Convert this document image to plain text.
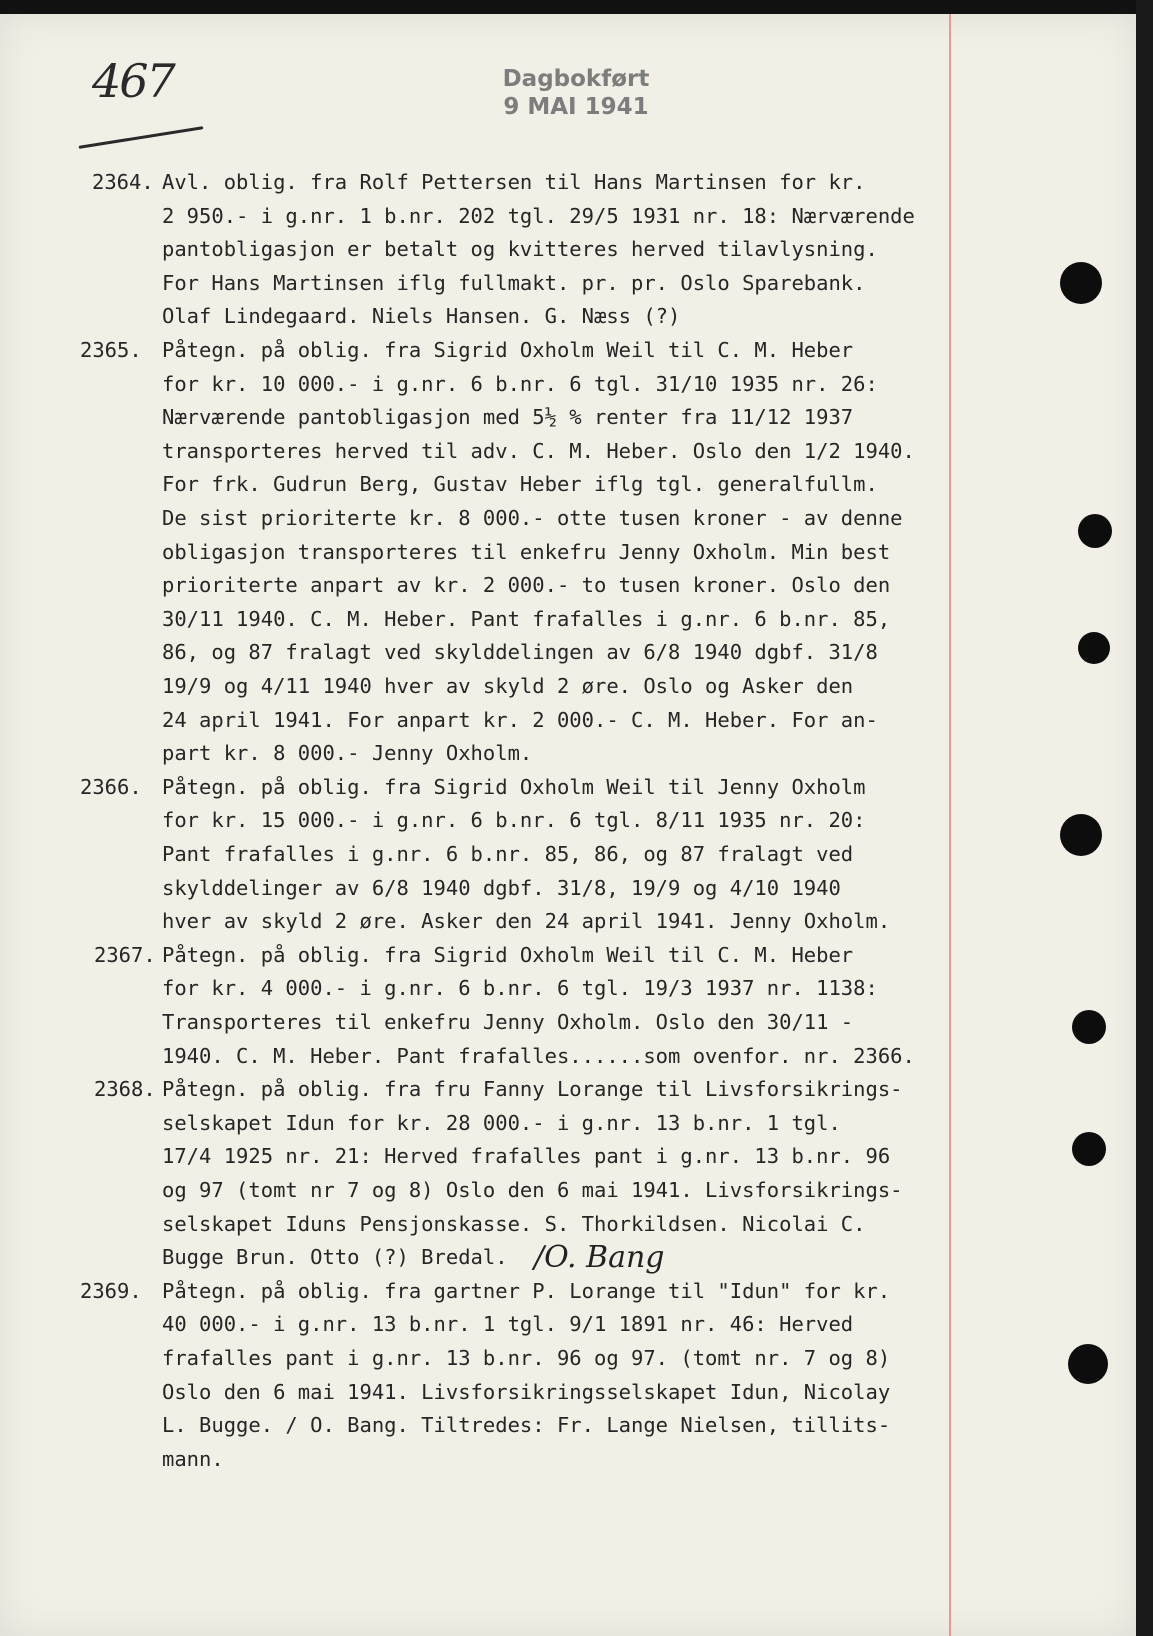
467	Dagbokført
9 MAI 1941
2364. Avl. oblig. fra Rolf Pettersen til Hans Martinsen for kr.
2 950.- i g.nr. 1 b.nr. 202 tgl. 29/5 1931 nr. 18: Nærværende
pantobligasjon er betalt og kvitteres herved tilavlysning.
For Hans Martinsen iflg fullmakt. pr. pr. Oslo Sparebank.
Olaf Lindegaard. Niels Hansen. G. Næss (?)
2365. Påtegn. på oblig. fra Sigrid Oxholm Weil til C. M. Heber
for kr. 10 000.- i g.nr. 6 b.nr. 6 tgl. 31/10 1935 nr. 26:
Nærværende pantobligasjon med 5½ % renter fra 11/12 1937
transporteres herved til adv. C. M. Heber. Oslo den 1/2 1940.
For frk. Gudrun Berg, Gustav Heber iflg tgl. generalfullm.
De sist prioriterte kr. 8 000.- otte tusen kroner - av denne
obligasjon transporteres til enkefru Jenny Oxholm. Min best
prioriterte anpart av kr. 2 000.- to tusen kroner. Oslo den
30/11 1940. C. M. Heber. Pant frafalles i g.nr. 6 b.nr. 85,
86, og 87 fralagt ved skylddelingen av 6/8 1940 dgbf. 31/8
19/9 og 4/11 1940 hver av skyld 2 øre. Oslo og Asker den
24 april 1941. For anpart kr. 2 000.- C. M. Heber. For an-
part kr. 8 000.- Jenny Oxholm.
2366. Påtegn. på oblig. fra Sigrid Oxholm Weil til Jenny Oxholm
for kr. 15 000.- i g.nr. 6 b.nr. 6 tgl. 8/11 1935 nr. 20:
Pant frafalles i g.nr. 6 b.nr. 85, 86, og 87 fralagt ved
skylddelinger av 6/8 1940 dgbf. 31/8, 19/9 og 4/10 1940
hver av skyld 2 øre. Asker den 24 april 1941. Jenny Oxholm.
2367. Påtegn. på oblig. fra Sigrid Oxholm Weil til C. M. Heber
for kr. 4 000.- i g.nr. 6 b.nr. 6 tgl. 19/3 1937 nr. 1138:
Transporteres til enkefru Jenny Oxholm. Oslo den 30/11 -
1940. C. M. Heber. Pant frafalles......som ovenfor. nr. 2366.
2368. Påtegn. på oblig. fra fru Fanny Lorange til Livsforsikrings-
selskapet Idun for kr. 28 000.- i g.nr. 13 b.nr. 1 tgl.
17/4 1925 nr. 21: Herved frafalles pant i g.nr. 13 b.nr. 96
og 97 (tomt nr 7 og 8) Oslo den 6 mai 1941. Livsforsikrings-
selskapet Iduns Pensjonskasse. S. Thorkildsen. Nicolai C.
Bugge Brun. Otto (?) Bredal.
2369. Påtegn. på oblig. fra gartner P. Lorange til "Idun" for kr.
40 000.- i g.nr. 13 b.nr. 1 tgl. 9/1 1891 nr. 46: Herved
frafalles pant i g.nr. 13 b.nr. 96 og 97. (tomt nr. 7 og 8)
Oslo den 6 mai 1941. Livsforsikringsselskapet Idun, Nicolay
L. Bugge. / O. Bang. Tiltredes: Fr. Lange Nielsen, tillits-
mann.
/O. Bang
